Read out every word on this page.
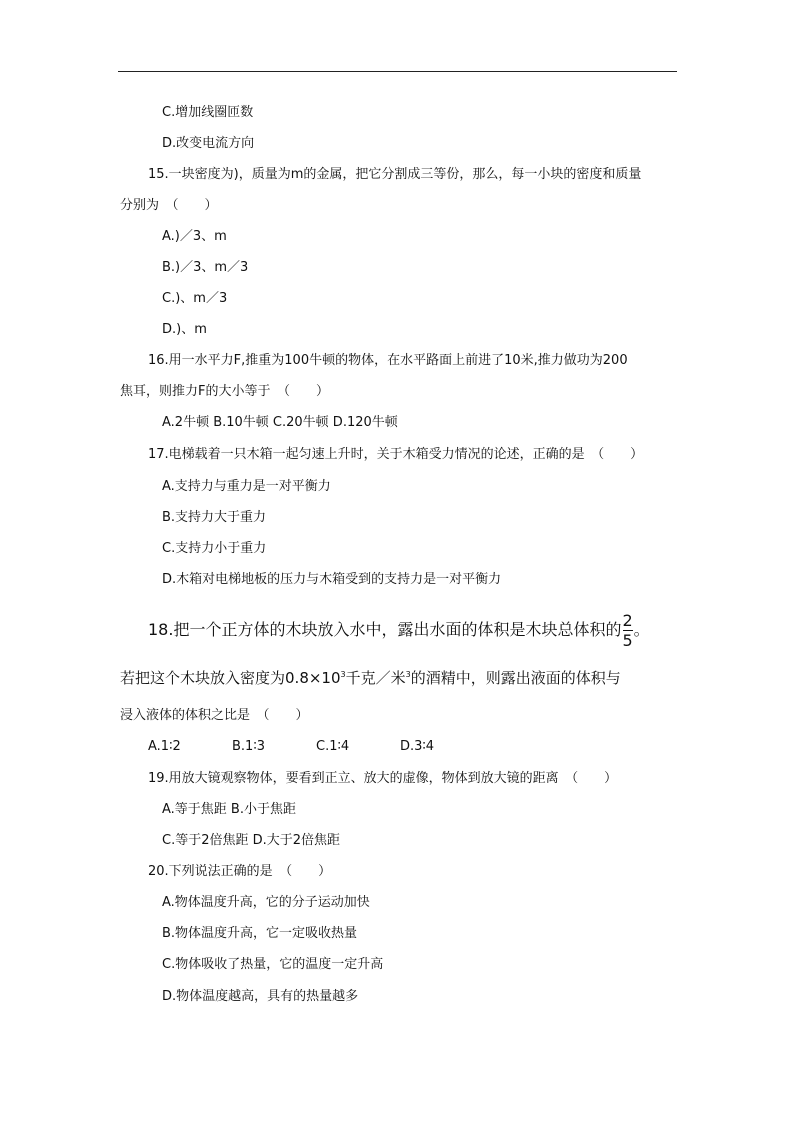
C.增加线圈匝数
D.改变电流方向
15.一块密度为)，质量为m的金属，把它分割成三等份，那么，每一小块的密度和质量
分别为　（　　）
A.)／3、m
B.)／3、m／3
C.)、m／3
D.)、m
16.用一水平力F,推重为100牛顿的物体，在水平路面上前进了10米,推力做功为200
焦耳，则推力F的大小等于　（　　）
A.2牛顿 B.10牛顿 C.20牛顿 D.120牛顿
17.电梯载着一只木箱一起匀速上升时，关于木箱受力情况的论述，正确的是　（　　）
A.支持力与重力是一对平衡力
B.支持力大于重力
C.支持力小于重力
D.木箱对电梯地板的压力与木箱受到的支持力是一对平衡力
18.把一个正方体的木块放入水中，露出水面的体积是木块总体积的 $\frac{2}{5}$ 。
若把这个木块放入密度为$0.8\times 10^3$千克／米$^3$的酒精中，则露出液面的体积与
浸入液体的体积之比是　（　　）
A.1∶2	B.1∶3	C.1∶4	D.3∶4
19.用放大镜观察物体，要看到正立、放大的虚像，物体到放大镜的距离　（　　）
A.等于焦距 B.小于焦距
C.等于2倍焦距 D.大于2倍焦距
20.下列说法正确的是　（　　）
A.物体温度升高，它的分子运动加快
B.物体温度升高，它一定吸收热量
C.物体吸收了热量，它的温度一定升高
D.物体温度越高，具有的热量越多
